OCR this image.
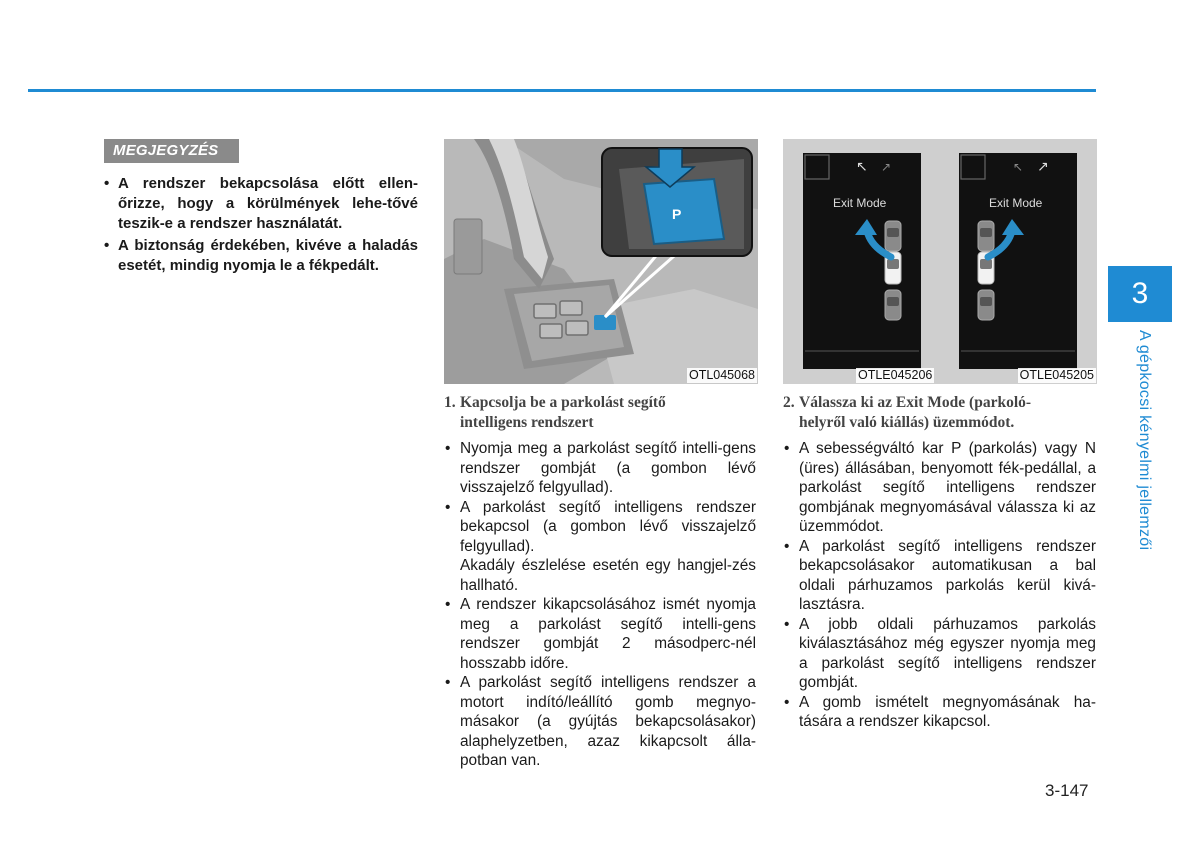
MEGJEGYZÉS
• A rendszer bekapcsolása előtt ellen-őrizze, hogy a körülmények lehe-tővé teszik-e a rendszer használatát.
• A biztonság érdekében, kivéve a haladás esetét, mindig nyomja le a fékpedált.
P
OTL045068
↖ ↗
Exit Mode
↖ ↗
Exit Mode
OTLE045206	OTLE045205
1. Kapcsolja be a parkolást segítő
intelligens rendszert
• Nyomja meg a parkolást segítő intelli-gens rendszer gombját (a gombon lévő visszajelző felgyullad).
• A parkolást segítő intelligens rendszer bekapcsol (a gombon lévő visszajelző felgyullad).

Akadály észlelése esetén egy hangjel-zés hallható.

• A rendszer kikapcsolásához ismét nyomja meg a parkolást segítő intelli-gens rendszer gombját 2 másodperc-nél hosszabb időre.
• A parkolást segítő intelligens rendszer a motort indító/leállító gomb megnyo-másakor (a gyújtás bekapcsolásakor) alaphelyzetben, azaz kikapcsolt álla-potban van.
2. Válassza ki az Exit Mode (parkoló-
helyről való kiállás) üzemmódot.
• A sebességváltó kar P (parkolás) vagy N (üres) állásában, benyomott fék-pedállal, a parkolást segítő intelligens rendszer gombjának megnyomásával válassza ki az üzemmódot.
• A parkolást segítő intelligens rendszer bekapcsolásakor automatikusan a bal oldali párhuzamos parkolás kerül kivá-lasztásra.
• A jobb oldali párhuzamos parkolás kiválasztásához még egyszer nyomja meg a parkolást segítő intelligens rendszer gombját.
• A gomb ismételt megnyomásának ha-tására a rendszer kikapcsol.
3
A gépkocsi kényelmi jellemzői
3-147
